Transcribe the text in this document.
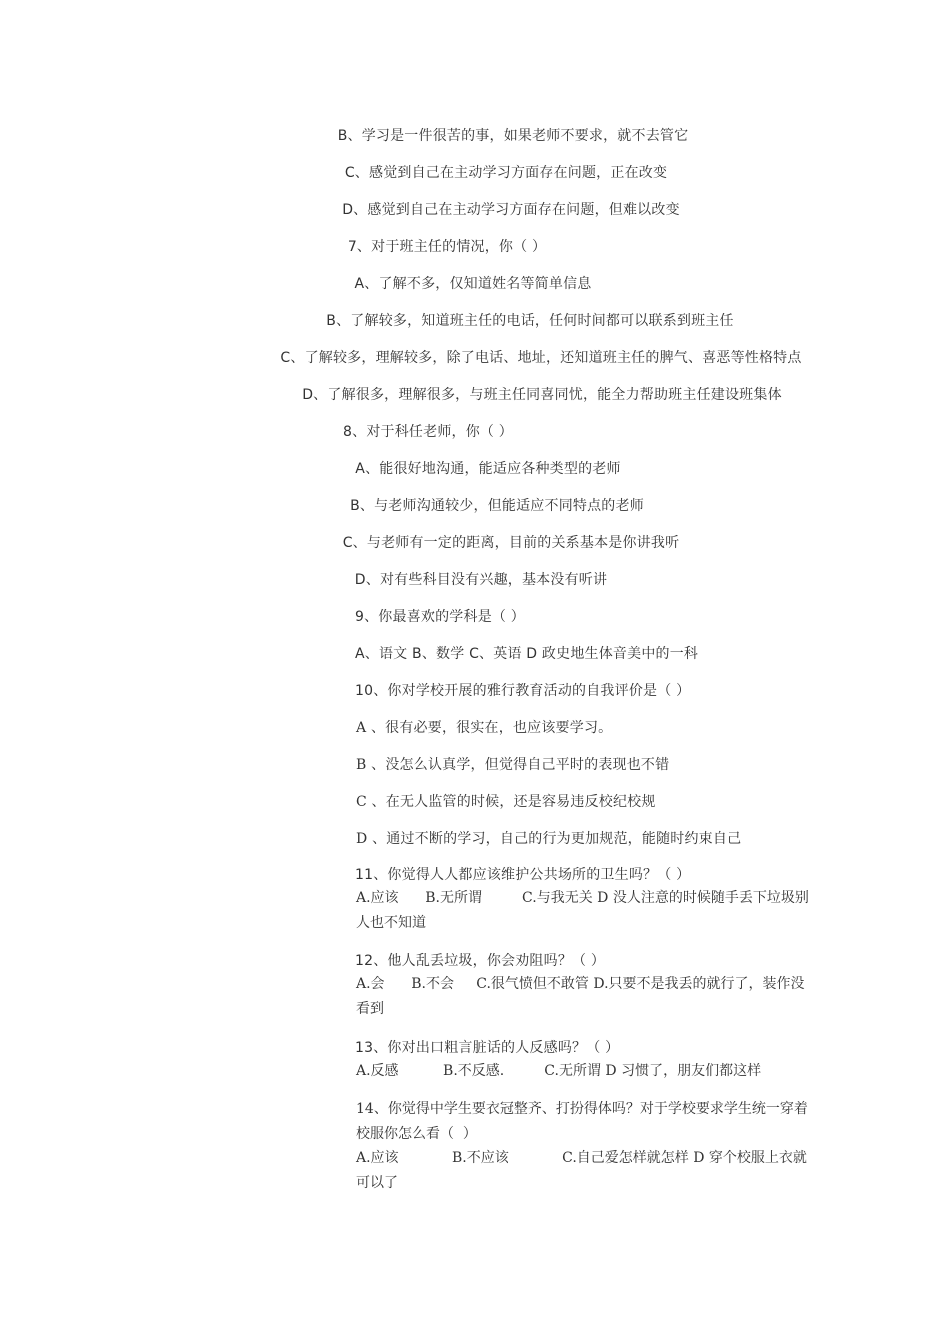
B、学习是一件很苦的事，如果老师不要求，就不去管它
C、感觉到自己在主动学习方面存在问题，正在改变
D、感觉到自己在主动学习方面存在问题，但难以改变
7、对于班主任的情况，你（ ）
A、了解不多，仅知道姓名等简单信息
B、了解较多，知道班主任的电话，任何时间都可以联系到班主任
C、了解较多，理解较多，除了电话、地址，还知道班主任的脾气、喜恶等性格特点
D、了解很多，理解很多，与班主任同喜同忧，能全力帮助班主任建设班集体
8、对于科任老师，你（ ）
A、能很好地沟通，能适应各种类型的老师
B、与老师沟通较少，但能适应不同特点的老师
C、与老师有一定的距离，目前的关系基本是你讲我听
D、对有些科目没有兴趣，基本没有听讲
9、你最喜欢的学科是（ ）
A、语文 B、数学 C、英语 D 政史地生体音美中的一科
10、你对学校开展的雅行教育活动的自我评价是（ ）
A 、很有必要，很实在，也应该要学习。
B 、没怎么认真学，但觉得自己平时的表现也不错
C 、在无人监管的时候，还是容易违反校纪校规
D 、通过不断的学习，自己的行为更加规范，能随时约束自己
11、你觉得人人都应该维护公共场所的卫生吗？（ ）
A.应该      B.无所谓         C.与我无关 D 没人注意的时候随手丢下垃圾别人也不知道
12、他人乱丢垃圾，你会劝阻吗？（ ）
A.会      B.不会     C.很气愤但不敢管 D.只要不是我丢的就行了，装作没看到
13、你对出口粗言脏话的人反感吗？（ ）
A.反感          B.不反感.         C.无所谓 D 习惯了，朋友们都这样
14、你觉得中学生要衣冠整齐、打扮得体吗？对于学校要求学生统一穿着校服你怎么看（  ）
A.应该            B.不应该            C.自己爱怎样就怎样 D 穿个校服上衣就可以了
